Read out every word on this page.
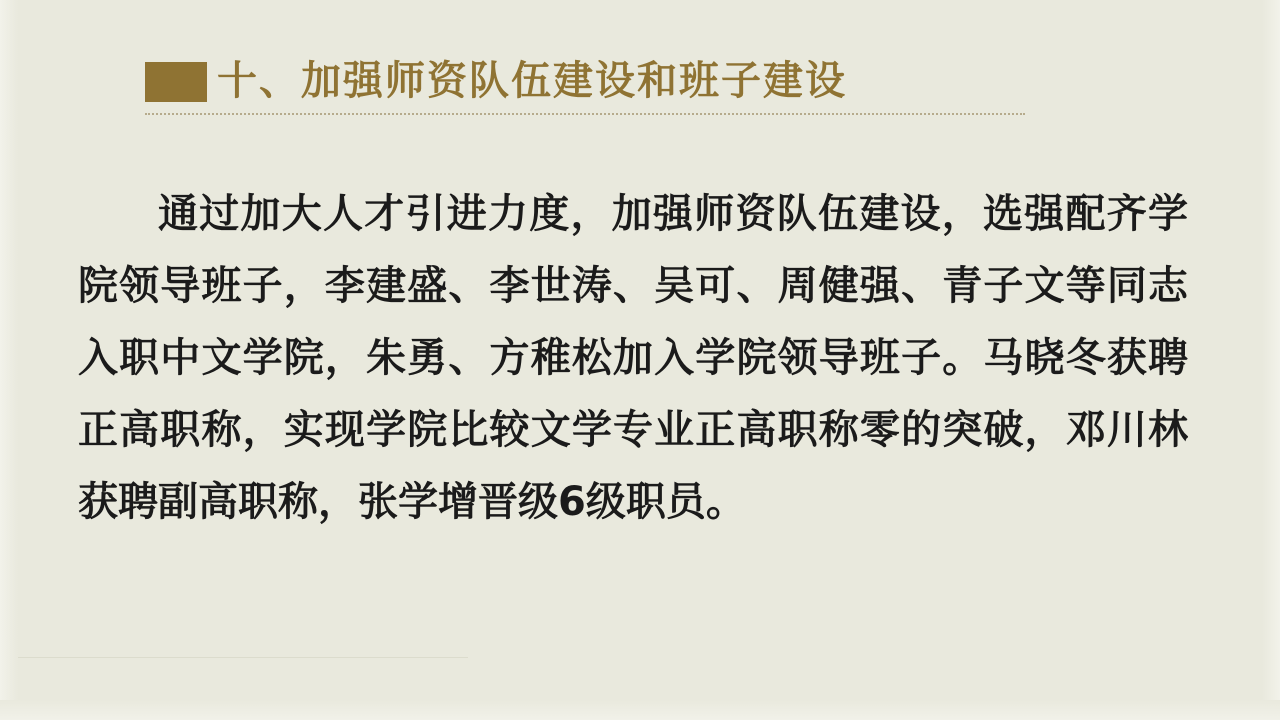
十、加强师资队伍建设和班子建设
通过加大人才引进力度，加强师资队伍建设，选强配齐学院领导班子，李建盛、李世涛、吴可、周健强、青子文等同志入职中文学院，朱勇、方稚松加入学院领导班子。马晓冬获聘正高职称，实现学院比较文学专业正高职称零的突破，邓川林获聘副高职称，张学增晋级6级职员。
